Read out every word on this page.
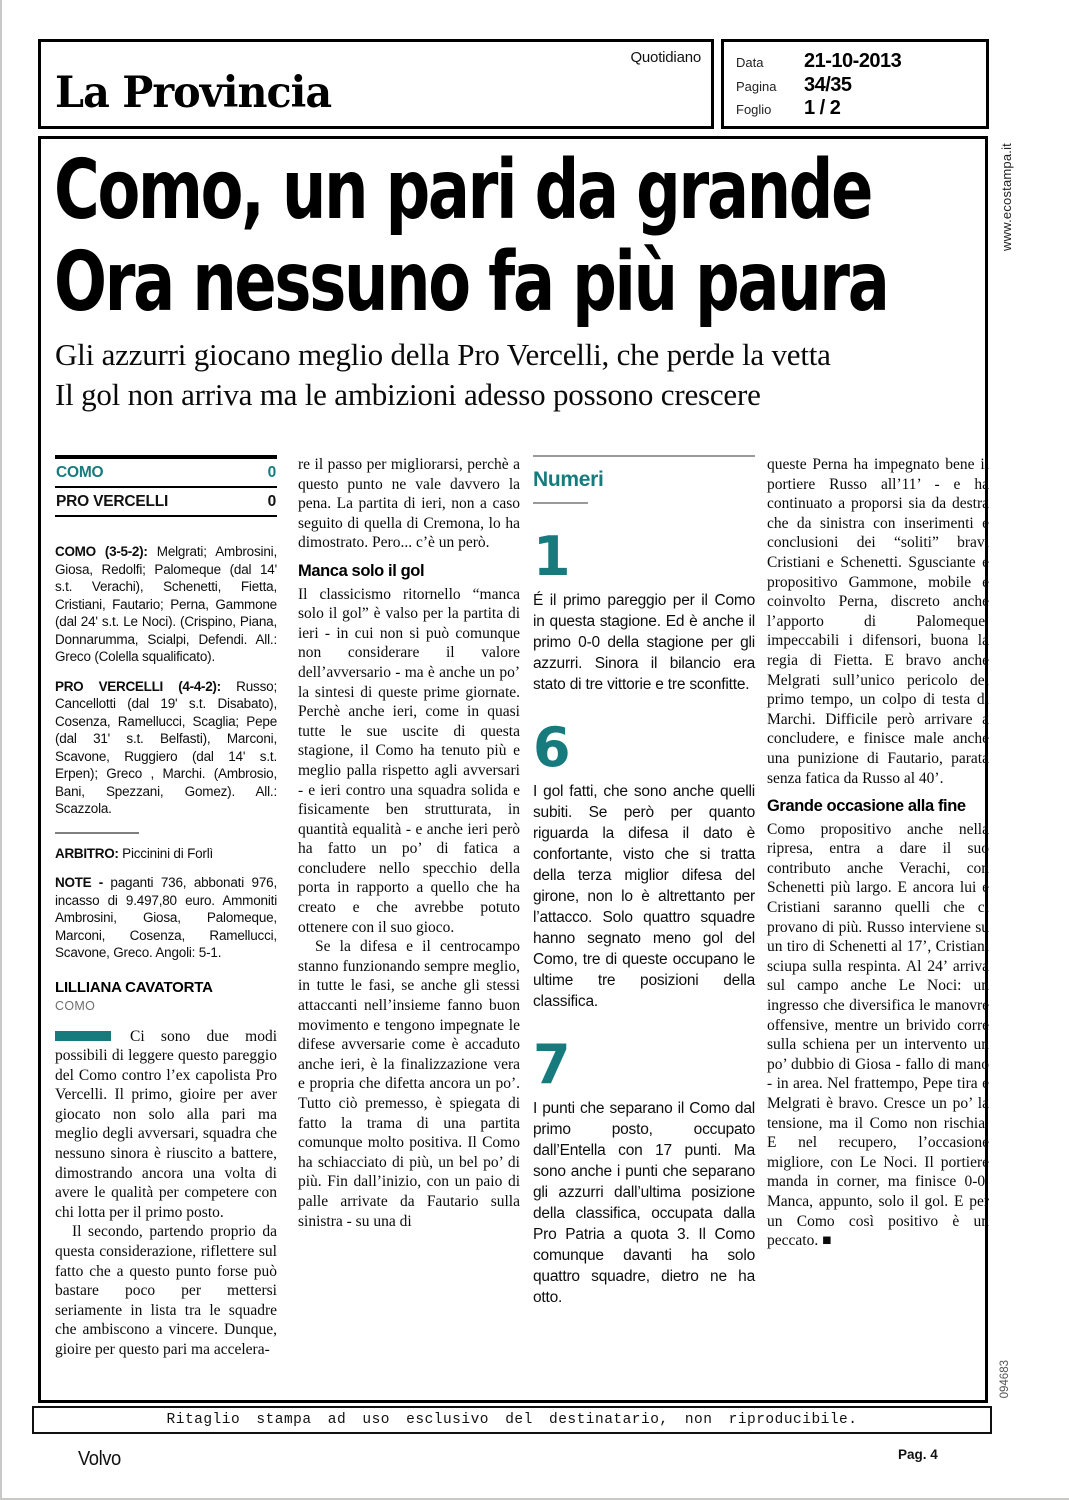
Quotidiano
La Provincia
Data	21-10-2013
Pagina	34/35
Foglio	1 / 2
www.ecostampa.it
094683
Como, un pari da grande
Ora nessuno fa più paura
Gli azzurri giocano meglio della Pro Vercelli, che perde la vetta
Il gol non arriva ma le ambizioni adesso possono crescere
COMO	0
PRO VERCELLI	0

COMO (3-5-2): Melgrati; Ambrosini, Giosa, Redolfi; Palomeque (dal 14' s.t. Verachi), Schenetti, Fietta, Cristiani, Fautario; Perna, Gammone (dal 24' s.t. Le Noci). (Crispino, Piana, Donnarumma, Scialpi, Defendi. All.: Greco (Colella squalificato).

PRO VERCELLI (4-4-2): Russo; Cancellotti (dal 19' s.t. Disabato), Cosenza, Ramellucci, Scaglia; Pepe (dal 31' s.t. Belfasti), Marconi, Scavone, Ruggiero (dal 14' s.t. Erpen); Greco , Marchi. (Ambrosio, Bani, Spezzani, Gomez). All.: Scazzola.

ARBITRO: Piccinini di Forlì

NOTE - paganti 736, abbonati 976, incasso di 9.497,80 euro. Ammoniti Ambrosini, Giosa, Palomeque, Marconi, Cosenza, Ramellucci, Scavone, Greco. Angoli: 5-1.

LILLIANA CAVATORTA
COMO

Ci sono due modi possibili di leggere questo pareggio del Como contro l’ex capolista Pro Vercelli. Il primo, gioire per aver giocato non solo alla pari ma meglio degli avversari, squadra che nessuno sinora è riuscito a battere, dimostrando ancora una volta di avere le qualità per competere con chi lotta per il primo posto.

Il secondo, partendo proprio da questa considerazione, riflettere sul fatto che a questo punto forse può bastare poco per mettersi seriamente in lista tra le squadre che ambiscono a vincere. Dunque, gioire per questo pari ma accelera-

re il passo per migliorarsi, perchè a questo punto ne vale davvero la pena. La partita di ieri, non a caso seguito di quella di Cremona, lo ha dimostrato. Pero... c’è un però.

Manca solo il gol

Il classicismo ritornello “manca solo il gol” è valso per la partita di ieri - in cui non si può comunque non considerare il valore dell’avversario - ma è anche un po’ la sintesi di queste prime giornate. Perchè anche ieri, come in quasi tutte le sue uscite di questa stagione, il Como ha tenuto più e meglio palla rispetto agli avversari - e ieri contro una squadra solida e fisicamente ben strutturata, in quantità equalità - e anche ieri però ha fatto un po’ di fatica a concludere nello specchio della porta in rapporto a quello che ha creato e che avrebbe potuto ottenere con il suo gioco.

Se la difesa e il centrocampo stanno funzionando sempre meglio, in tutte le fasi, se anche gli stessi attaccanti nell’insieme fanno buon movimento e tengono impegnate le difese avversarie come è accaduto anche ieri, è la finalizzazione vera e propria che difetta ancora un po’. Tutto ciò premesso, è spiegata di fatto la trama di una partita comunque molto positiva. Il Como ha schiacciato di più, un bel po’ di più. Fin dall’inizio, con un paio di palle arrivate da Fautario sulla sinistra - su una di

Numeri
1
É il primo pareggio per il Como in questa stagione. Ed è anche il primo 0-0 della stagione per gli azzurri. Sinora il bilancio era stato di tre vittorie e tre sconfitte.
6
I gol fatti, che sono anche quelli subiti. Se però per quanto riguarda la difesa il dato è confortante, visto che si tratta della terza miglior difesa del girone, non lo è altrettanto per l’attacco. Solo quattro squadre hanno segnato meno gol del Como, tre di queste occupano le ultime tre posizioni della classifica.
7
I punti che separano il Como dal primo posto, occupato dall’Entella con 17 punti. Ma sono anche i punti che separano gli azzurri dall’ultima posizione della classifica, occupata dalla Pro Patria a quota 3. Il Como comunque davanti ha solo quattro squadre, dietro ne ha otto.

queste Perna ha impegnato bene il portiere Russo all’11’ - e ha continuato a proporsi sia da destra che da sinistra con inserimenti e conclusioni dei “soliti” bravi Cristiani e Schenetti. Sgusciante e propositivo Gammone, mobile e coinvolto Perna, discreto anche l’apporto di Palomeque, impeccabili i difensori, buona la regia di Fietta. E bravo anche Melgrati sull’unico pericolo del primo tempo, un colpo di testa di Marchi. Difficile però arrivare a concludere, e finisce male anche una punizione di Fautario, parata senza fatica da Russo al 40’.

Grande occasione alla fine

Como propositivo anche nella ripresa, entra a dare il suo contributo anche Verachi, con Schenetti più largo. E ancora lui e Cristiani saranno quelli che ci provano di più. Russo interviene su un tiro di Schenetti al 17’, Cristiani sciupa sulla respinta. Al 24’ arriva sul campo anche Le Noci: un ingresso che diversifica le manovre offensive, mentre un brivido corre sulla schiena per un intervento un po’ dubbio di Giosa - fallo di mano - in area. Nel frattempo, Pepe tira e Melgrati è bravo. Cresce un po’ la tensione, ma il Como non rischia. E nel recupero, l’occasione migliore, con Le Noci. Il portiere manda in corner, ma finisce 0-0. Manca, appunto, solo il gol. E per un Como così positivo è un peccato. ■

Ritaglio stampa ad uso esclusivo del destinatario, non riproducibile.
Volvo	Pag. 4
